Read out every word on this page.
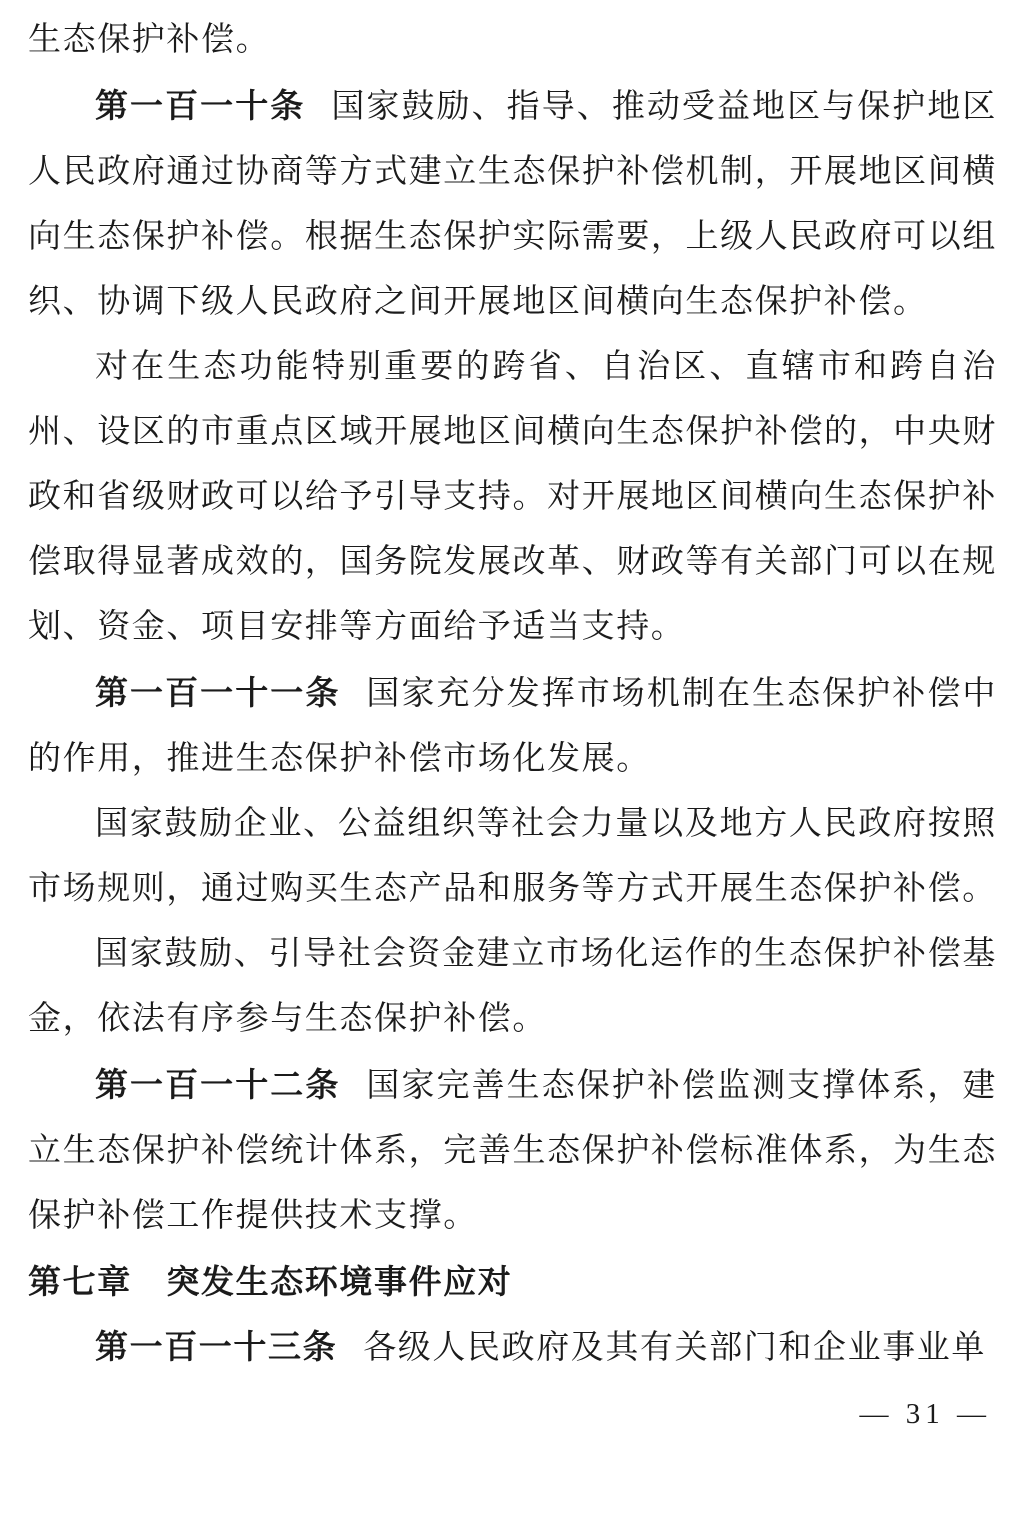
生态保护补偿。

第一百一十条 国家鼓励、指导、推动受益地区与保护地区人民政府通过协商等方式建立生态保护补偿机制，开展地区间横向生态保护补偿。根据生态保护实际需要，上级人民政府可以组织、协调下级人民政府之间开展地区间横向生态保护补偿。

对在生态功能特别重要的跨省、自治区、直辖市和跨自治州、设区的市重点区域开展地区间横向生态保护补偿的，中央财政和省级财政可以给予引导支持。对开展地区间横向生态保护补偿取得显著成效的，国务院发展改革、财政等有关部门可以在规划、资金、项目安排等方面给予适当支持。

第一百一十一条 国家充分发挥市场机制在生态保护补偿中的作用，推进生态保护补偿市场化发展。

国家鼓励企业、公益组织等社会力量以及地方人民政府按照市场规则，通过购买生态产品和服务等方式开展生态保护补偿。

国家鼓励、引导社会资金建立市场化运作的生态保护补偿基金，依法有序参与生态保护补偿。

第一百一十二条 国家完善生态保护补偿监测支撑体系，建立生态保护补偿统计体系，完善生态保护补偿标准体系，为生态保护补偿工作提供技术支撑。

第七章　突发生态环境事件应对

第一百一十三条 各级人民政府及其有关部门和企业事业单

— 31 —
